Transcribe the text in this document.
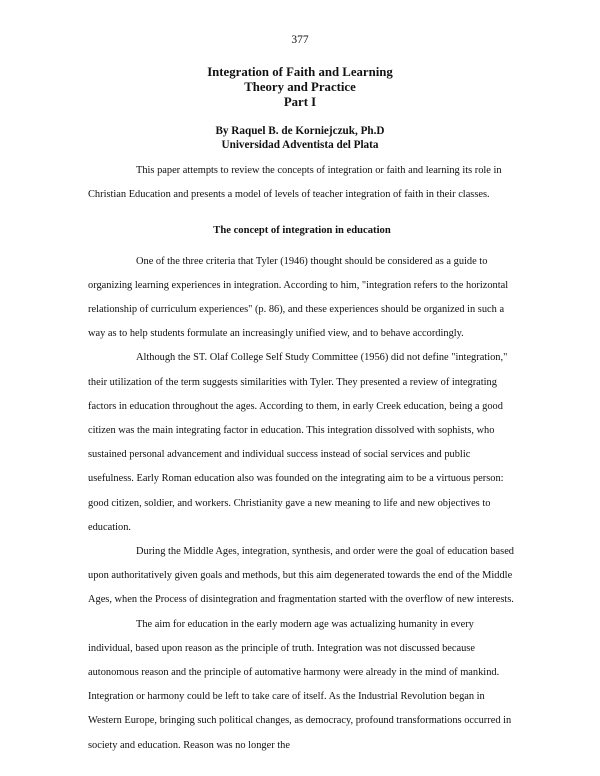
377
Integration of Faith and Learning
Theory and Practice
Part I
By Raquel B. de Korniejczuk, Ph.D
Universidad Adventista del Plata

This paper attempts to review the concepts of integration or faith and learning its role in Christian Education and presents a model of levels of teacher integration of faith in their classes.

The concept of integration in education

One of the three criteria that Tyler (1946) thought should be considered as a guide to organizing learning experiences in integration. According to him, "integration refers to the horizontal relationship of curriculum experiences" (p. 86), and these experiences should be organized in such a way as to help students formulate an increasingly unified view, and to behave accordingly.

Although the ST. Olaf College Self Study Committee (1956) did not define "integration," their utilization of the term suggests similarities with Tyler. They presented a review of integrating factors in education throughout the ages. According to them, in early Creek education, being a good citizen was the main integrating factor in education. This integration dissolved with sophists, who sustained personal advancement and individual success instead of social services and public usefulness. Early Roman education also was founded on the integrating aim to be a virtuous person: good citizen, soldier, and workers. Christianity gave a new meaning to life and new objectives to education.

During the Middle Ages, integration, synthesis, and order were the goal of education based upon authoritatively given goals and methods, but this aim degenerated towards the end of the Middle Ages, when the Process of disintegration and fragmentation started with the overflow of new interests.

The aim for education in the early modern age was actualizing humanity in every individual, based upon reason as the principle of truth. Integration was not discussed because autonomous reason and the principle of automative harmony were already in the mind of mankind. Integration or harmony could be left to take care of itself. As the Industrial Revolution began in Western Europe, bringing such political changes, as democracy, profound transformations occurred in society and education. Reason was no longer the
